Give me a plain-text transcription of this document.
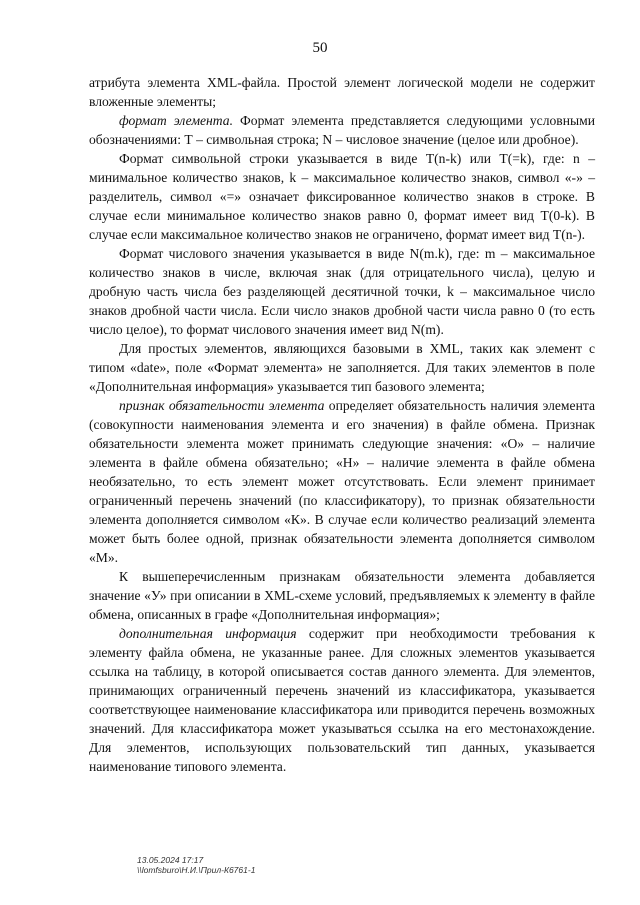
50

атрибута элемента XML-файла. Простой элемент логической модели не содержит вложенные элементы;

формат элемента. Формат элемента представляется следующими условными обозначениями: Т – символьная строка; N – числовое значение (целое или дробное).

Формат символьной строки указывается в виде T(n-k) или T(=k), где: n – минимальное количество знаков, k – максимальное количество знаков, символ «-» – разделитель, символ «=» означает фиксированное количество знаков в строке. В случае если минимальное количество знаков равно 0, формат имеет вид T(0-k). В случае если максимальное количество знаков не ограничено, формат имеет вид T(n-).

Формат числового значения указывается в виде N(m.k), где: m – максимальное количество знаков в числе, включая знак (для отрицательного числа), целую и дробную часть числа без разделяющей десятичной точки, k – максимальное число знаков дробной части числа. Если число знаков дробной части числа равно 0 (то есть число целое), то формат числового значения имеет вид N(m).

Для простых элементов, являющихся базовыми в XML, таких как элемент с типом «date», поле «Формат элемента» не заполняется. Для таких элементов в поле «Дополнительная информация» указывается тип базового элемента;

признак обязательности элемента определяет обязательность наличия элемента (совокупности наименования элемента и его значения) в файле обмена. Признак обязательности элемента может принимать следующие значения: «О» – наличие элемента в файле обмена обязательно; «Н» – наличие элемента в файле обмена необязательно, то есть элемент может отсутствовать. Если элемент принимает ограниченный перечень значений (по классификатору), то признак обязательности элемента дополняется символом «К». В случае если количество реализаций элемента может быть более одной, признак обязательности элемента дополняется символом «М».

К вышеперечисленным признакам обязательности элемента добавляется значение «У» при описании в XML-схеме условий, предъявляемых к элементу в файле обмена, описанных в графе «Дополнительная информация»;

дополнительная информация содержит при необходимости требования к элементу файла обмена, не указанные ранее. Для сложных элементов указывается ссылка на таблицу, в которой описывается состав данного элемента. Для элементов, принимающих ограниченный перечень значений из классификатора, указывается соответствующее наименование классификатора или приводится перечень возможных значений. Для классификатора может указываться ссылка на его местонахождение. Для элементов, использующих пользовательский тип данных, указывается наименование типового элемента.

13.05.2024 17:17
\\lomfsburo\Н.И.\Прил-К6761-1
